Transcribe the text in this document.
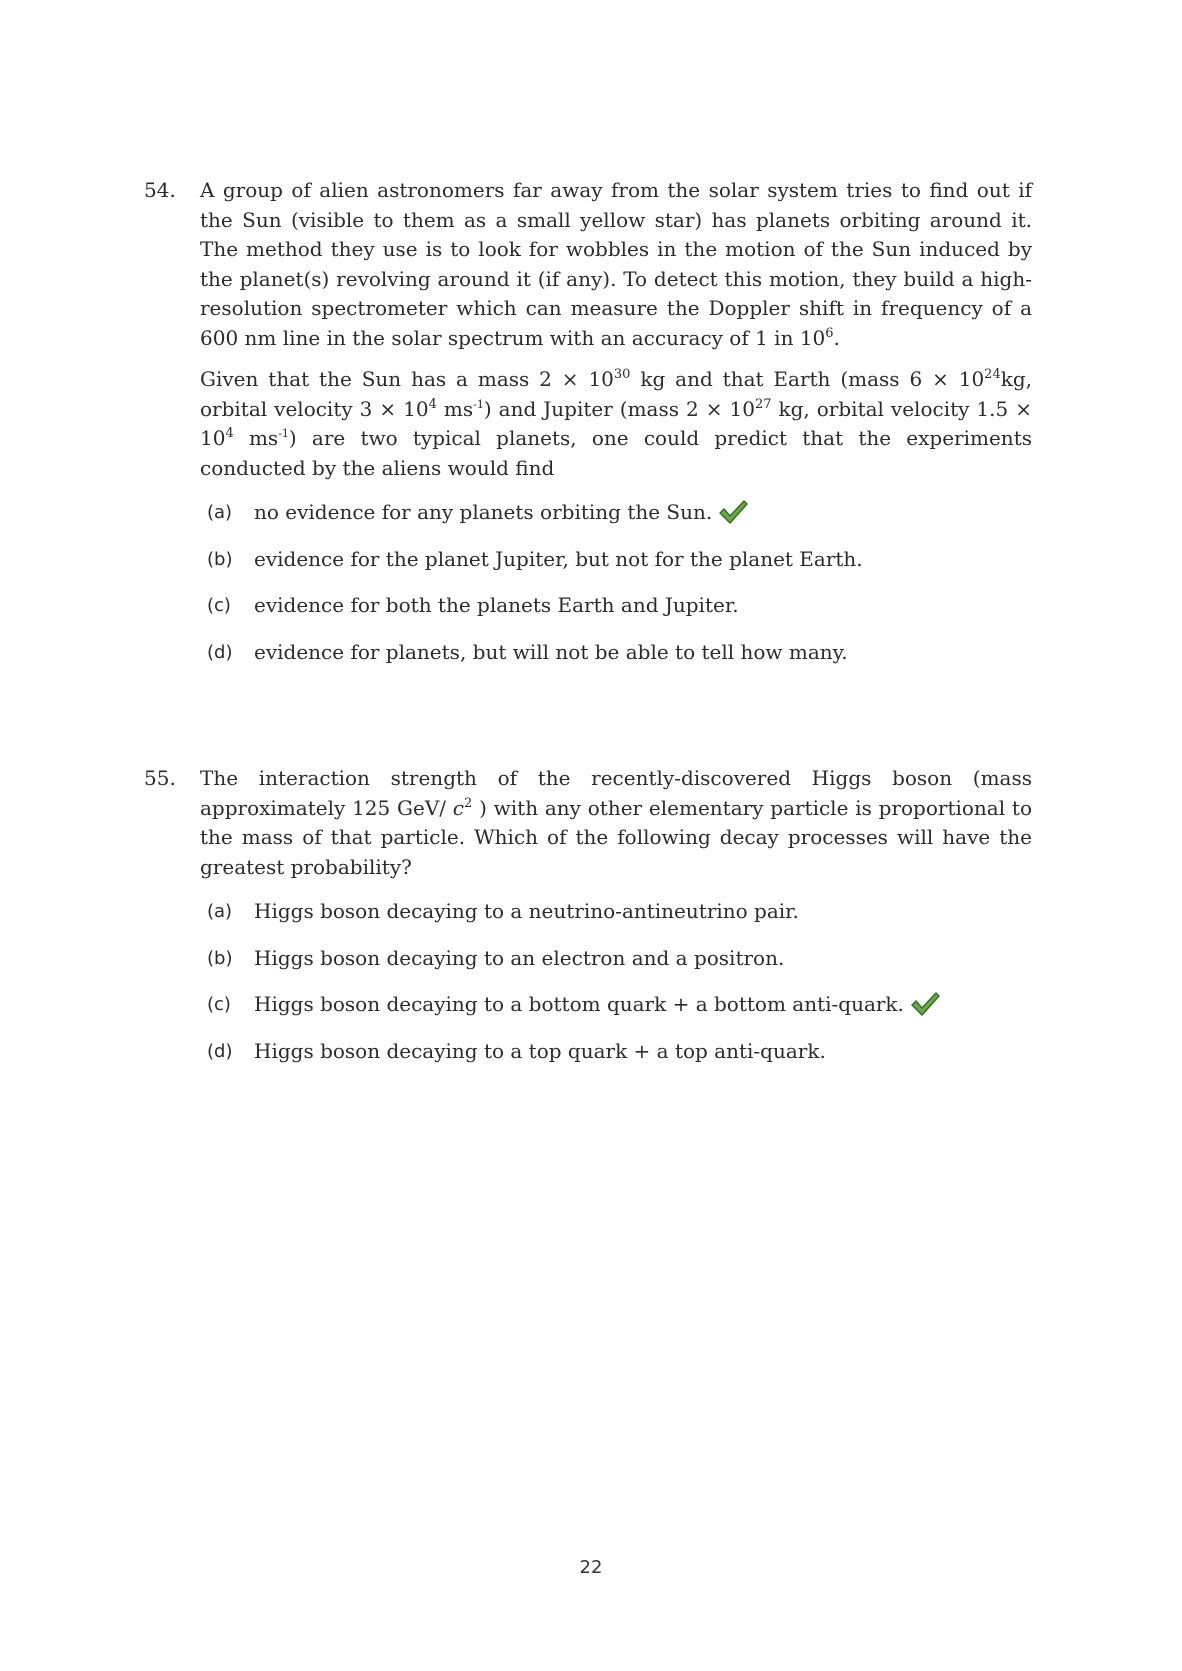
54. A group of alien astronomers far away from the solar system tries to find out if the Sun (visible to them as a small yellow star) has planets orbiting around it. The method they use is to look for wobbles in the motion of the Sun induced by the planet(s) revolving around it (if any). To detect this motion, they build a high-resolution spectrometer which can measure the Doppler shift in frequency of a 600 nm line in the solar spectrum with an accuracy of 1 in $10^6$.

Given that the Sun has a mass $2 \times 10^{30}$ kg and that Earth (mass $6 \times 10^{24}kg$, orbital velocity $3 \times 10^4$ $ms^{-1}$) and Jupiter (mass $2 \times 10^{27}$ kg, orbital velocity $1.5 \times 10^4$ $ms^{-1}$) are two typical planets, one could predict that the experiments conducted by the aliens would find

(a) no evidence for any planets orbiting the Sun.
(b) evidence for the planet Jupiter, but not for the planet Earth.
(c) evidence for both the planets Earth and Jupiter.
(d) evidence for planets, but will not be able to tell how many.
55. The interaction strength of the recently-discovered Higgs boson (mass approximately 125 GeV/ $c^2$ ) with any other elementary particle is proportional to the mass of that particle. Which of the following decay processes will have the greatest probability?

(a) Higgs boson decaying to a neutrino-antineutrino pair.
(b) Higgs boson decaying to an electron and a positron.
(c) Higgs boson decaying to a bottom quark + a bottom anti-quark.
(d) Higgs boson decaying to a top quark + a top anti-quark.
22
